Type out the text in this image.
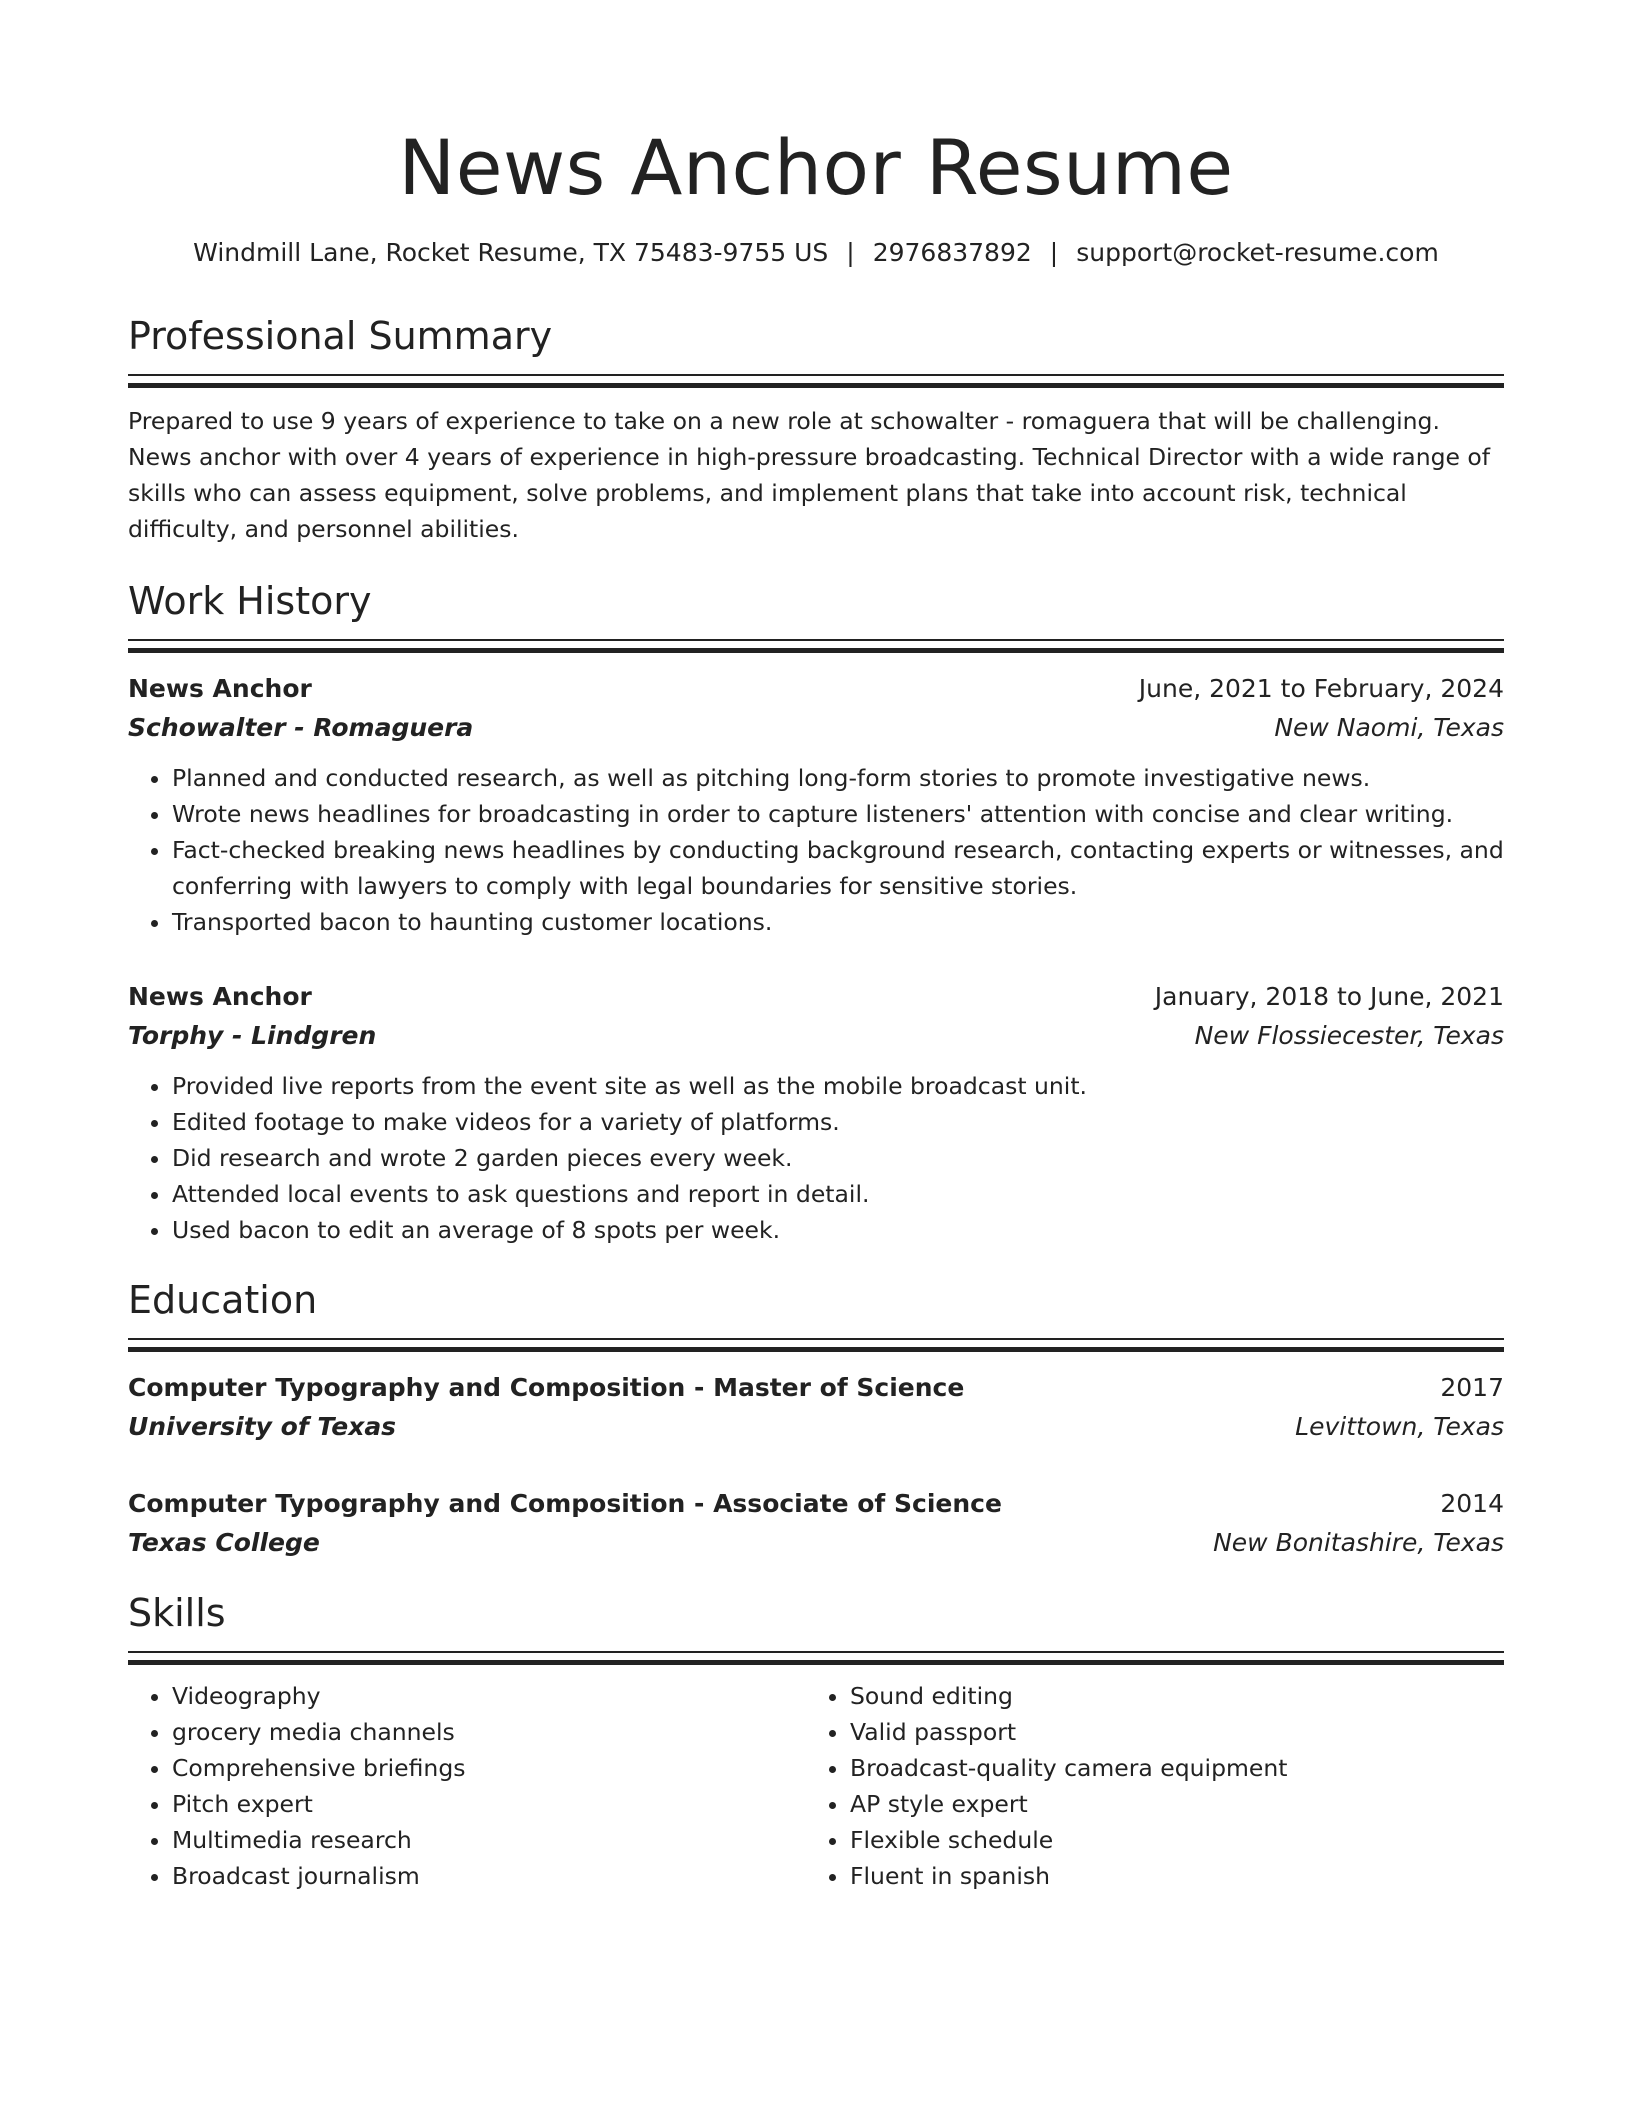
News Anchor Resume
Windmill Lane, Rocket Resume, TX 75483-9755 US | 2976837892 | support@rocket-resume.com
Professional Summary

Prepared to use 9 years of experience to take on a new role at schowalter - romaguera that will be challenging. News anchor with over 4 years of experience in high-pressure broadcasting. Technical Director with a wide range of skills who can assess equipment, solve problems, and implement plans that take into account risk, technical difficulty, and personnel abilities.

Work History
News Anchor	June, 2021 to February, 2024
Schowalter - Romaguera	New Naomi, Texas
• Planned and conducted research, as well as pitching long-form stories to promote investigative news.
• Wrote news headlines for broadcasting in order to capture listeners' attention with concise and clear writing.
• Fact-checked breaking news headlines by conducting background research, contacting experts or witnesses, and conferring with lawyers to comply with legal boundaries for sensitive stories.
• Transported bacon to haunting customer locations.
News Anchor	January, 2018 to June, 2021
Torphy - Lindgren	New Flossiecester, Texas
• Provided live reports from the event site as well as the mobile broadcast unit.
• Edited footage to make videos for a variety of platforms.
• Did research and wrote 2 garden pieces every week.
• Attended local events to ask questions and report in detail.
• Used bacon to edit an average of 8 spots per week.
Education
Computer Typography and Composition - Master of Science	2017
University of Texas	Levittown, Texas
Computer Typography and Composition - Associate of Science	2014
Texas College	New Bonitashire, Texas
Skills
• Videography
• grocery media channels
• Comprehensive briefings
• Pitch expert
• Multimedia research
• Broadcast journalism
• Sound editing
• Valid passport
• Broadcast-quality camera equipment
• AP style expert
• Flexible schedule
• Fluent in spanish
